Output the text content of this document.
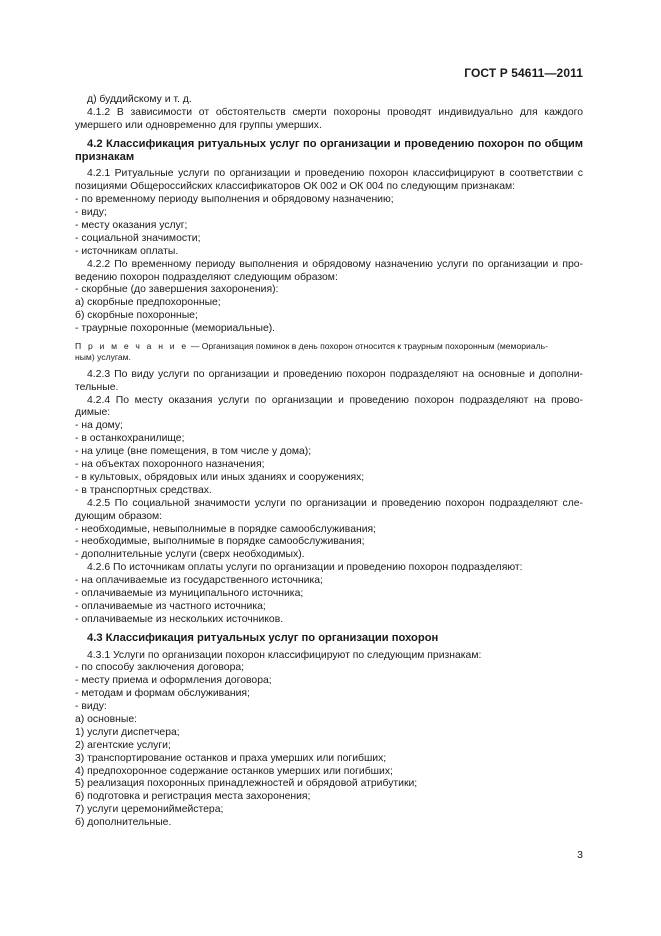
ГОСТ Р 54611—2011
д) буддийскому и т. д.
4.1.2 В зависимости от обстоятельств смерти похороны проводят индивидуально для каждого
умершего или одновременно для группы умерших.
4.2 Классификация ритуальных услуг по организации и проведению похорон по общим
признакам
4.2.1 Ритуальные услуги по организации и проведению похорон классифицируют в соответствии с
позициями Общероссийских классификаторов ОК 002 и ОК 004 по следующим признакам:
- по временному периоду выполнения и обрядовому назначению;
- виду;
- месту оказания услуг;
- социальной значимости;
- источникам оплаты.
4.2.2 По временному периоду выполнения и обрядовому назначению услуги по организации и про-
ведению похорон подразделяют следующим образом:
- скорбные (до завершения захоронения):
а) скорбные предпохоронные;
б) скорбные похоронные;
- траурные похоронные (мемориальные).
П р и м е ч а н и е — Организация поминок в день похорон относится к траурным похоронным (мемориаль-
ным) услугам.
4.2.3 По виду услуги по организации и проведению похорон подразделяют на основные и дополни-
тельные.
4.2.4 По месту оказания услуги по организации и проведению похорон подразделяют на прово-
димые:
- на дому;
- в останкохранилище;
- на улице (вне помещения, в том числе у дома);
- на объектах похоронного назначения;
- в культовых, обрядовых или иных зданиях и сооружениях;
- в транспортных средствах.
4.2.5 По социальной значимости услуги по организации и проведению похорон подразделяют сле-
дующим образом:
- необходимые, невыполнимые в порядке самообслуживания;
- необходимые, выполнимые в порядке самообслуживания;
- дополнительные услуги (сверх необходимых).
4.2.6 По источникам оплаты услуги по организации и проведению похорон подразделяют:
- на оплачиваемые из государственного источника;
- оплачиваемые из муниципального источника;
- оплачиваемые из частного источника;
- оплачиваемые из нескольких источников.
4.3 Классификация ритуальных услуг по организации похорон
4.3.1 Услуги по организации похорон классифицируют по следующим признакам:
- по способу заключения договора;
- месту приема и оформления договора;
- методам и формам обслуживания;
- виду:
а) основные:
1) услуги диспетчера;
2) агентские услуги;
3) транспортирование останков и праха умерших или погибших;
4) предпохоронное содержание останков умерших или погибших;
5) реализация похоронных принадлежностей и обрядовой атрибутики;
6) подготовка и регистрация места захоронения;
7) услуги церемониймейстера;
б) дополнительные.
3
